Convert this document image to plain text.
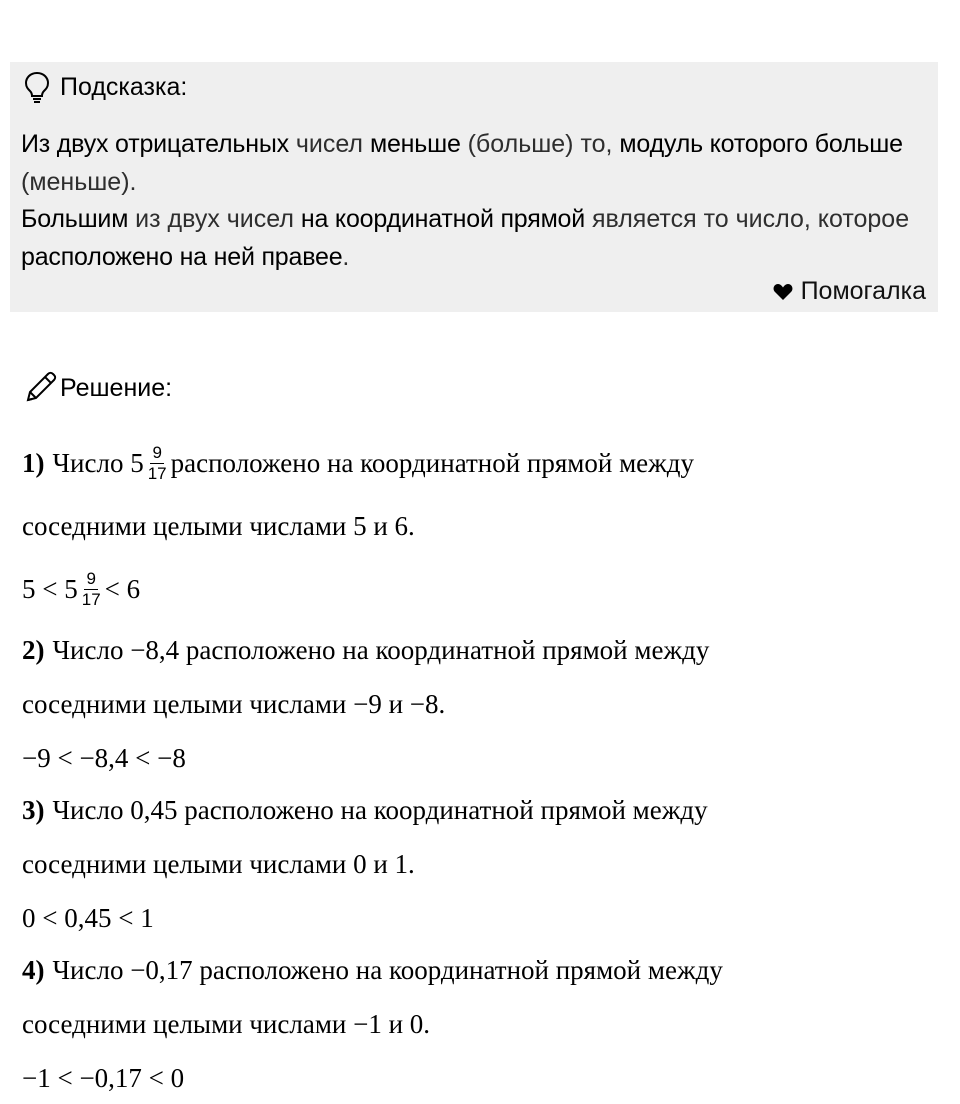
Подсказка:
Из двух отрицательных чисел меньше (больше) то, модуль которого больше (меньше).
Большим из двух чисел на координатной прямой является то число, которое расположено на ней правее.
Помогалка
Решение:
1) Число $5 \frac{9}{17}$ расположено на координатной прямой между
соседними целыми числами 5 и 6.
$5 < 5 \frac{9}{17} < 6$
2) Число −8,4 расположено на координатной прямой между
соседними целыми числами −9 и −8.
−9 < −8,4 < −8
3) Число 0,45 расположено на координатной прямой между
соседними целыми числами 0 и 1.
0 < 0,45 < 1
4) Число −0,17 расположено на координатной прямой между
соседними целыми числами −1 и 0.
−1 < −0,17 < 0
